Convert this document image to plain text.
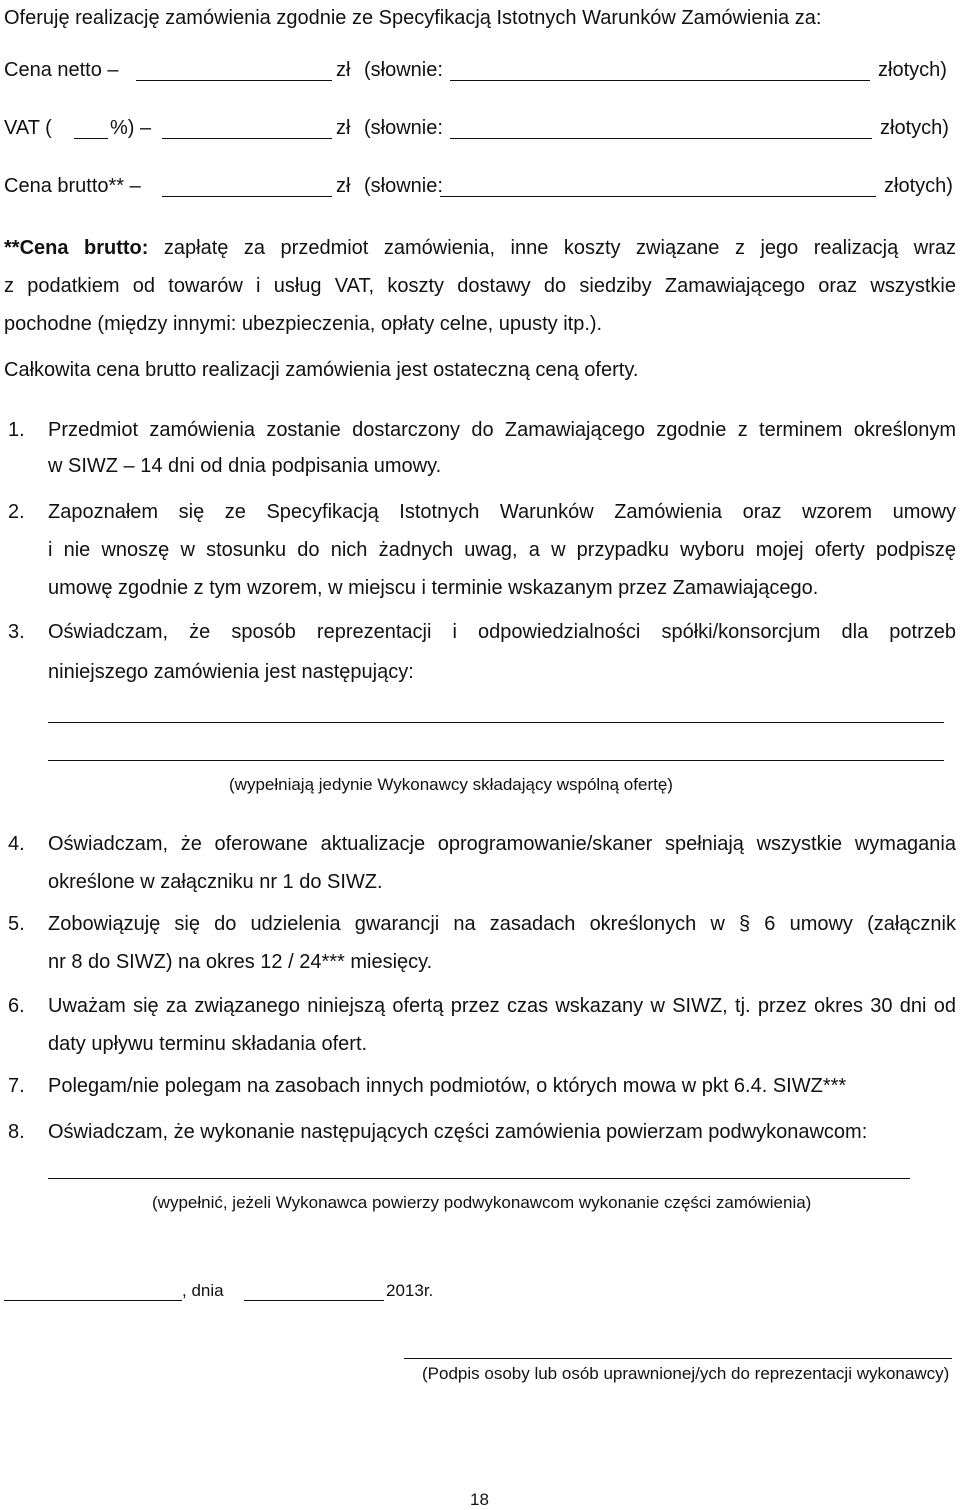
Oferuję realizację zamówienia zgodnie ze Specyfikacją Istotnych Warunków Zamówienia za:
Cena netto –	zł (słownie:	złotych)
VAT (	%) –	zł (słownie:	złotych)
Cena brutto** –	zł (słownie:	złotych)
**Cena brutto: zapłatę za przedmiot zamówienia, inne koszty związane z jego realizacją wraz
z podatkiem od towarów i usług VAT, koszty dostawy do siedziby Zamawiającego oraz wszystkie
pochodne (między innymi: ubezpieczenia, opłaty celne, upusty itp.).
Całkowita cena brutto realizacji zamówienia jest ostateczną ceną oferty.
1. Przedmiot zamówienia zostanie dostarczony do Zamawiającego zgodnie z terminem określonym
w SIWZ – 14 dni od dnia podpisania umowy.
2. Zapoznałem się ze Specyfikacją Istotnych Warunków Zamówienia oraz wzorem umowy
i nie wnoszę w stosunku do nich żadnych uwag, a w przypadku wyboru mojej oferty podpiszę
umowę zgodnie z tym wzorem, w miejscu i terminie wskazanym przez Zamawiającego.
3. Oświadczam, że sposób reprezentacji i odpowiedzialności spółki/konsorcjum dla potrzeb
niniejszego zamówienia jest następujący:
(wypełniają jedynie Wykonawcy składający wspólną ofertę)
4. Oświadczam, że oferowane aktualizacje oprogramowanie/skaner spełniają wszystkie wymagania
określone w załączniku nr 1 do SIWZ.
5. Zobowiązuję się do udzielenia gwarancji na zasadach określonych w § 6 umowy (załącznik
nr 8 do SIWZ) na okres 12 / 24*** miesięcy.
6. Uważam się za związanego niniejszą ofertą przez czas wskazany w SIWZ, tj. przez okres 30 dni od
daty upływu terminu składania ofert.
7. Polegam/nie polegam na zasobach innych podmiotów, o których mowa w pkt 6.4. SIWZ***
8. Oświadczam, że wykonanie następujących części zamówienia powierzam podwykonawcom:
(wypełnić, jeżeli Wykonawca powierzy podwykonawcom wykonanie części zamówienia)
, dnia	2013r.
(Podpis osoby lub osób uprawnionej/ych do reprezentacji wykonawcy)
18
